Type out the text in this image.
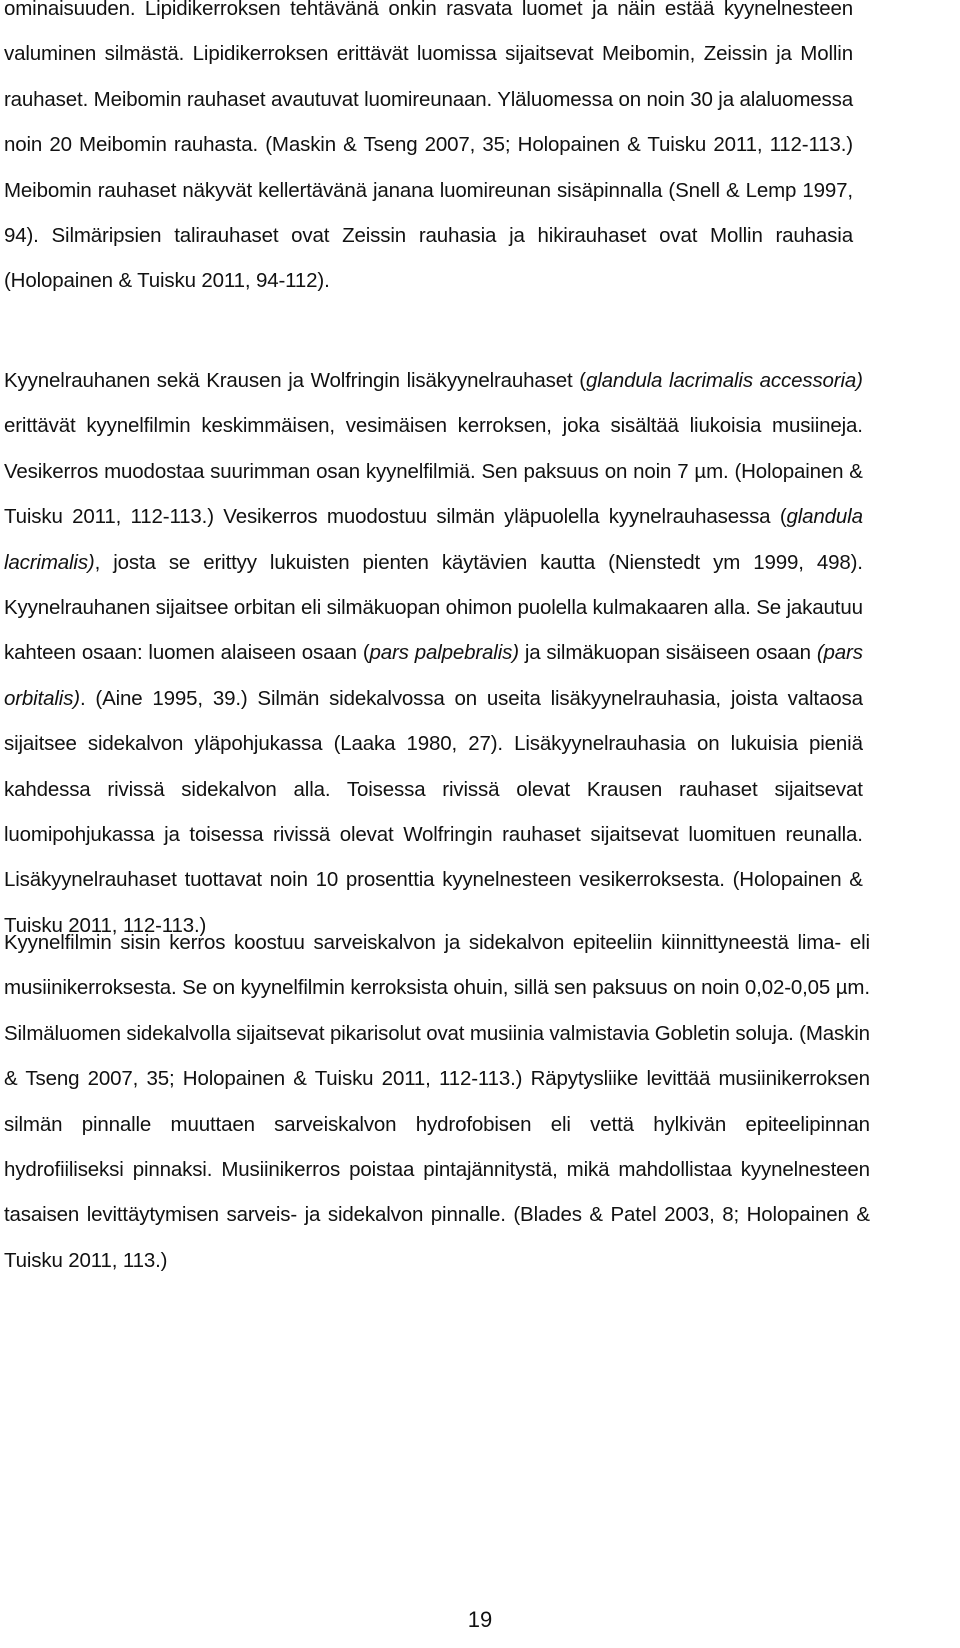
ominaisuuden. Lipidikerroksen tehtävänä onkin rasvata luomet ja näin estää kyynelnesteen
valuminen silmästä. Lipidikerroksen erittävät luomissa sijaitsevat Meibomin, Zeissin ja Mollin
rauhaset. Meibomin rauhaset avautuvat luomireunaan. Yläluomessa on noin 30 ja alaluomessa
noin 20 Meibomin rauhasta. (Maskin & Tseng 2007, 35; Holopainen & Tuisku 2011, 112-113.)
Meibomin rauhaset näkyvät kellertävänä janana luomireunan sisäpinnalla (Snell & Lemp 1997,
94). Silmäripsien talirauhaset ovat Zeissin rauhasia ja hikirauhaset ovat Mollin rauhasia
(Holopainen & Tuisku 2011, 94-112).

Kyynelrauhanen sekä Krausen ja Wolfringin lisäkyynelrauhaset (glandula lacrimalis accessoria)
erittävät kyynelfilmin keskimmäisen, vesimäisen kerroksen, joka sisältää liukoisia musiineja.
Vesikerros muodostaa suurimman osan kyynelfilmiä. Sen paksuus on noin 7 µm. (Holopainen &
Tuisku 2011, 112-113.) Vesikerros muodostuu silmän yläpuolella kyynelrauhasessa (glandula
lacrimalis), josta se erittyy lukuisten pienten käytävien kautta (Nienstedt ym 1999, 498).
Kyynelrauhanen sijaitsee orbitan eli silmäkuopan ohimon puolella kulmakaaren alla. Se jakautuu
kahteen osaan: luomen alaiseen osaan (pars palpebralis) ja silmäkuopan sisäiseen osaan (pars
orbitalis). (Aine 1995, 39.) Silmän sidekalvossa on useita lisäkyynelrauhasia, joista valtaosa
sijaitsee sidekalvon yläpohjukassa (Laaka 1980, 27). Lisäkyynelrauhasia on lukuisia pieniä
kahdessa rivissä sidekalvon alla. Toisessa rivissä olevat Krausen rauhaset sijaitsevat
luomipohjukassa ja toisessa rivissä olevat Wolfringin rauhaset sijaitsevat luomituen reunalla.
Lisäkyynelrauhaset tuottavat noin 10 prosenttia kyynelnesteen vesikerroksesta. (Holopainen &
Tuisku 2011, 112-113.)

Kyynelfilmin sisin kerros koostuu sarveiskalvon ja sidekalvon epiteeliin kiinnittyneestä lima- eli
musiinikerroksesta. Se on kyynelfilmin kerroksista ohuin, sillä sen paksuus on noin 0,02-0,05 µm.
Silmäluomen sidekalvolla sijaitsevat pikarisolut ovat musiinia valmistavia Gobletin soluja. (Maskin
& Tseng 2007, 35; Holopainen & Tuisku 2011, 112-113.) Räpytysliike levittää musiinikerroksen
silmän pinnalle muuttaen sarveiskalvon hydrofobisen eli vettä hylkivän epiteelipinnan
hydrofiiliseksi pinnaksi. Musiinikerros poistaa pintajännitystä, mikä mahdollistaa kyynelnesteen
tasaisen levittäytymisen sarveis- ja sidekalvon pinnalle. (Blades & Patel 2003, 8; Holopainen &
Tuisku 2011, 113.)

19
